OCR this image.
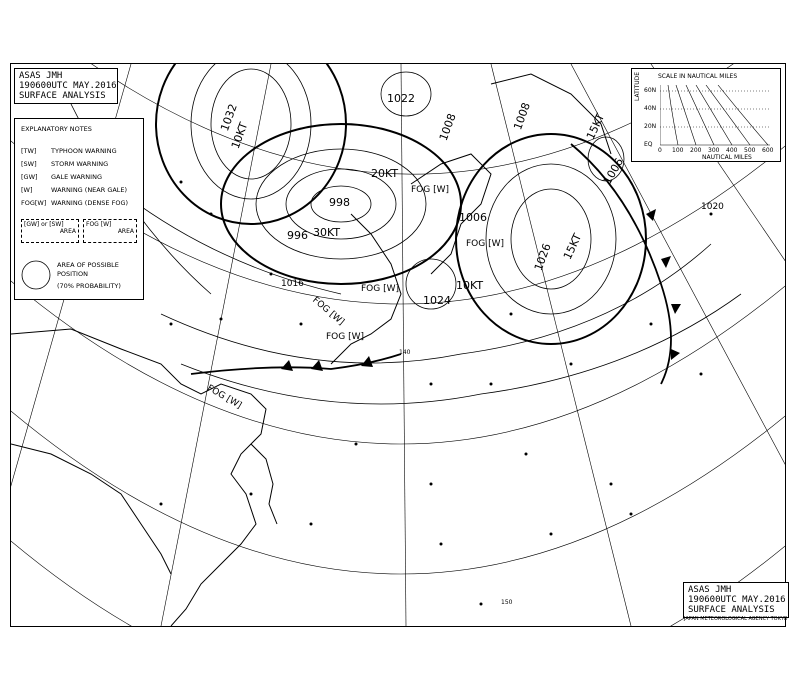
1032
1022
1008	1008
998
996
1006
1026
1024
1006
1016
1020
10KT
20KT
30KT	15KT
15KT
10KT
FOG [W]
FOG [W]
FOG [W]
FOG [W]
FOG [W]
FOG [W]
140
150
ASAS JMH
190600UTC MAY.2016
SURFACE ANALYSIS
EXPLANATORY NOTES
[TW] TYPHOON WARNING
[SW] STORM WARNING
[GW] GALE WARNING
[W]	WARNING (NEAR GALE)
FOG[W] WARNING (DENSE FOG)
[GW] or [SW]
AREA
FOG [W]
AREA
AREA OF POSSIBLE
POSITION
(70% PROBABILITY)
SCALE IN NAUTICAL MILES
LATITUDE 60N
40N
20N
EQ
0 100 200 300 400 500 600
NAUTICAL MILES
ASAS JMH
190600UTC MAY.2016
SURFACE ANALYSIS
JAPAN METEOROLOGICAL AGENCY TOKYO
